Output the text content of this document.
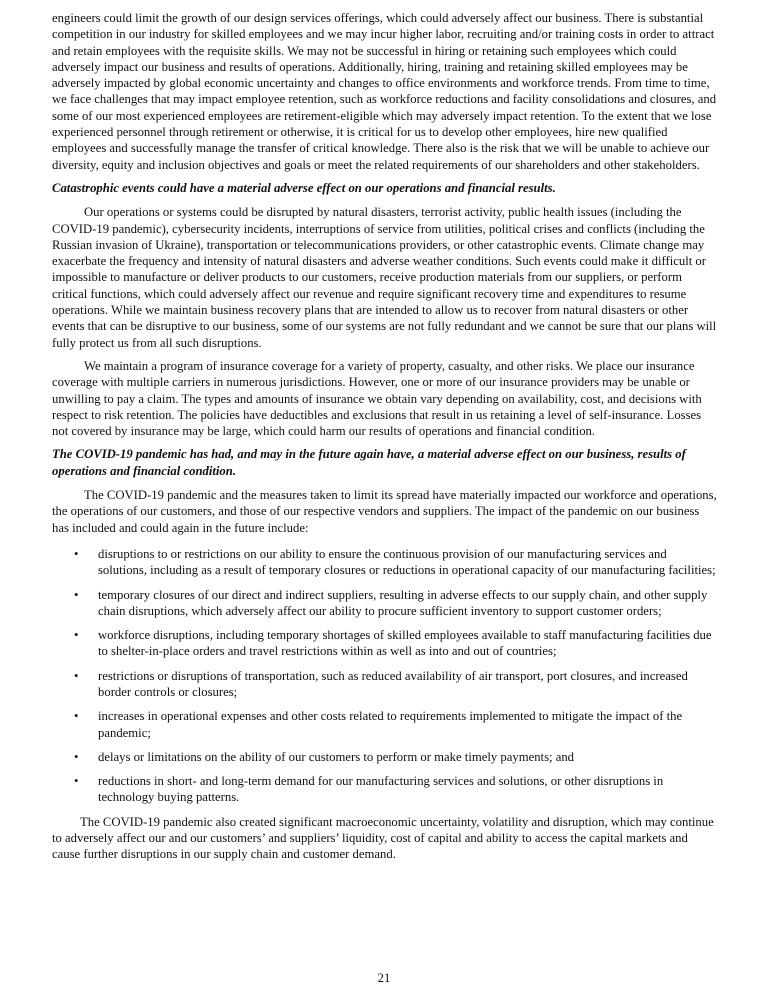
engineers could limit the growth of our design services offerings, which could adversely affect our business. There is substantial competition in our industry for skilled employees and we may incur higher labor, recruiting and/or training costs in order to attract and retain employees with the requisite skills. We may not be successful in hiring or retaining such employees which could adversely impact our business and results of operations. Additionally, hiring, training and retaining skilled employees may be adversely impacted by global economic uncertainty and changes to office environments and workforce trends. From time to time, we face challenges that may impact employee retention, such as workforce reductions and facility consolidations and closures, and some of our most experienced employees are retirement-eligible which may adversely impact retention. To the extent that we lose experienced personnel through retirement or otherwise, it is critical for us to develop other employees, hire new qualified employees and successfully manage the transfer of critical knowledge. There also is the risk that we will be unable to achieve our diversity, equity and inclusion objectives and goals or meet the related requirements of our shareholders and other stakeholders.

Catastrophic events could have a material adverse effect on our operations and financial results.

Our operations or systems could be disrupted by natural disasters, terrorist activity, public health issues (including the COVID-19 pandemic), cybersecurity incidents, interruptions of service from utilities, political crises and conflicts (including the Russian invasion of Ukraine), transportation or telecommunications providers, or other catastrophic events. Climate change may exacerbate the frequency and intensity of natural disasters and adverse weather conditions. Such events could make it difficult or impossible to manufacture or deliver products to our customers, receive production materials from our suppliers, or perform critical functions, which could adversely affect our revenue and require significant recovery time and expenditures to resume operations. While we maintain business recovery plans that are intended to allow us to recover from natural disasters or other events that can be disruptive to our business, some of our systems are not fully redundant and we cannot be sure that our plans will fully protect us from all such disruptions.

We maintain a program of insurance coverage for a variety of property, casualty, and other risks. We place our insurance coverage with multiple carriers in numerous jurisdictions. However, one or more of our insurance providers may be unable or unwilling to pay a claim. The types and amounts of insurance we obtain vary depending on availability, cost, and decisions with respect to risk retention. The policies have deductibles and exclusions that result in us retaining a level of self-insurance. Losses not covered by insurance may be large, which could harm our results of operations and financial condition.

The COVID-19 pandemic has had, and may in the future again have, a material adverse effect on our business, results of operations and financial condition.

The COVID-19 pandemic and the measures taken to limit its spread have materially impacted our workforce and operations, the operations of our customers, and those of our respective vendors and suppliers. The impact of the pandemic on our business has included and could again in the future include:

• disruptions to or restrictions on our ability to ensure the continuous provision of our manufacturing services and solutions, including as a result of temporary closures or reductions in operational capacity of our manufacturing facilities;
• temporary closures of our direct and indirect suppliers, resulting in adverse effects to our supply chain, and other supply chain disruptions, which adversely affect our ability to procure sufficient inventory to support customer orders;
• workforce disruptions, including temporary shortages of skilled employees available to staff manufacturing facilities due to shelter-in-place orders and travel restrictions within as well as into and out of countries;
• restrictions or disruptions of transportation, such as reduced availability of air transport, port closures, and increased border controls or closures;
• increases in operational expenses and other costs related to requirements implemented to mitigate the impact of the pandemic;
• delays or limitations on the ability of our customers to perform or make timely payments; and
• reductions in short- and long-term demand for our manufacturing services and solutions, or other disruptions in technology buying patterns.

The COVID-19 pandemic also created significant macroeconomic uncertainty, volatility and disruption, which may continue to adversely affect our and our customers’ and suppliers’ liquidity, cost of capital and ability to access the capital markets and cause further disruptions in our supply chain and customer demand.

21
